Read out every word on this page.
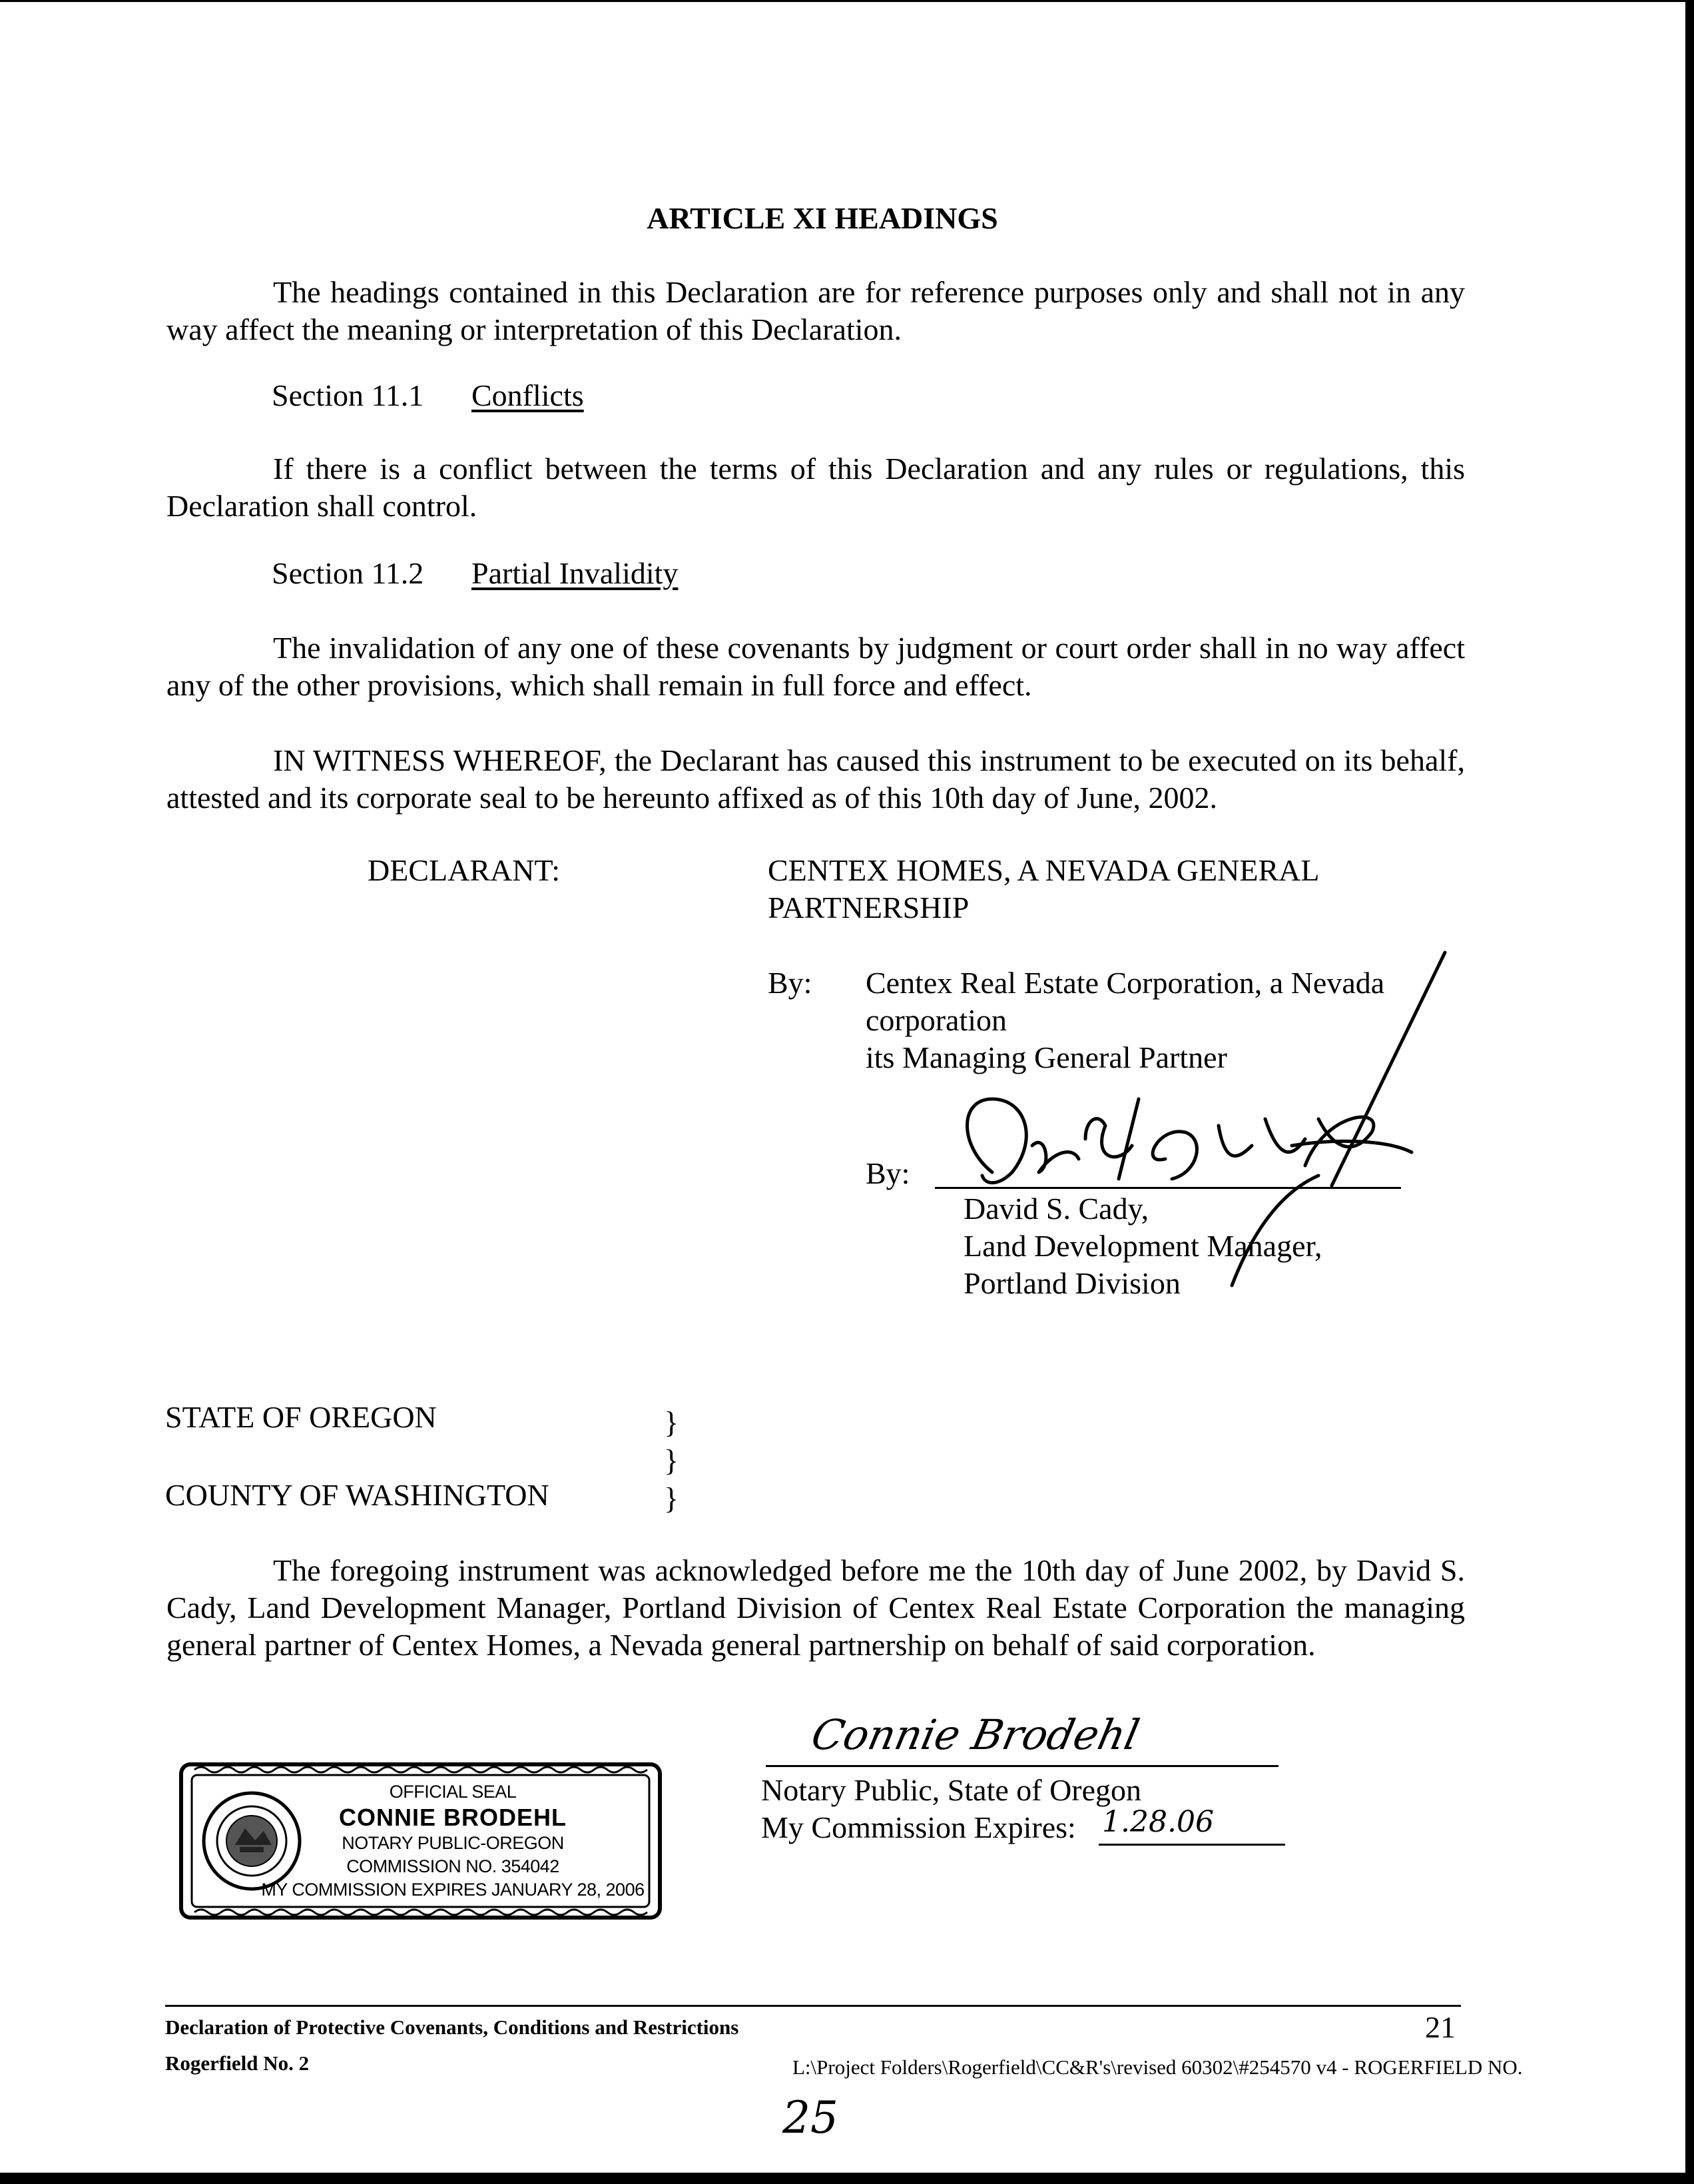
ARTICLE XI HEADINGS
The headings contained in this Declaration are for reference purposes only and shall not in any way affect the meaning or interpretation of this Declaration.
Section 11.1 Conflicts
If there is a conflict between the terms of this Declaration and any rules or regulations, this Declaration shall control.
Section 11.2 Partial Invalidity
The invalidation of any one of these covenants by judgment or court order shall in no way affect any of the other provisions, which shall remain in full force and effect.
IN WITNESS WHEREOF, the Declarant has caused this instrument to be executed on its behalf, attested and its corporate seal to be hereunto affixed as of this 10th day of June, 2002.
DECLARANT:	CENTEX HOMES, A NEVADA GENERAL
PARTNERSHIP
By: Centex Real Estate Corporation, a Nevada
corporation
its Managing General Partner
By:
David S. Cady,
Land Development Manager,
Portland Division
STATE OF OREGON
COUNTY OF WASHINGTON
}
}
}
The foregoing instrument was acknowledged before me the 10th day of June 2002, by David S. Cady, Land Development Manager, Portland Division of Centex Real Estate Corporation the managing general partner of Centex Homes, a Nevada general partnership on behalf of said corporation.
Connie Brodehl
Notary Public, State of Oregon
My Commission Expires: 1.28.06
OFFICIAL SEAL
CONNIE BRODEHL
NOTARY PUBLIC-OREGON
COMMISSION NO. 354042
MY COMMISSION EXPIRES JANUARY 28, 2006
Declaration of Protective Covenants, Conditions and Restrictions	21
Rogerfield No. 2	L:\Project Folders\Rogerfield\CC&R's\revised 60302\#254570 v4 - ROGERFIELD NO.
25
